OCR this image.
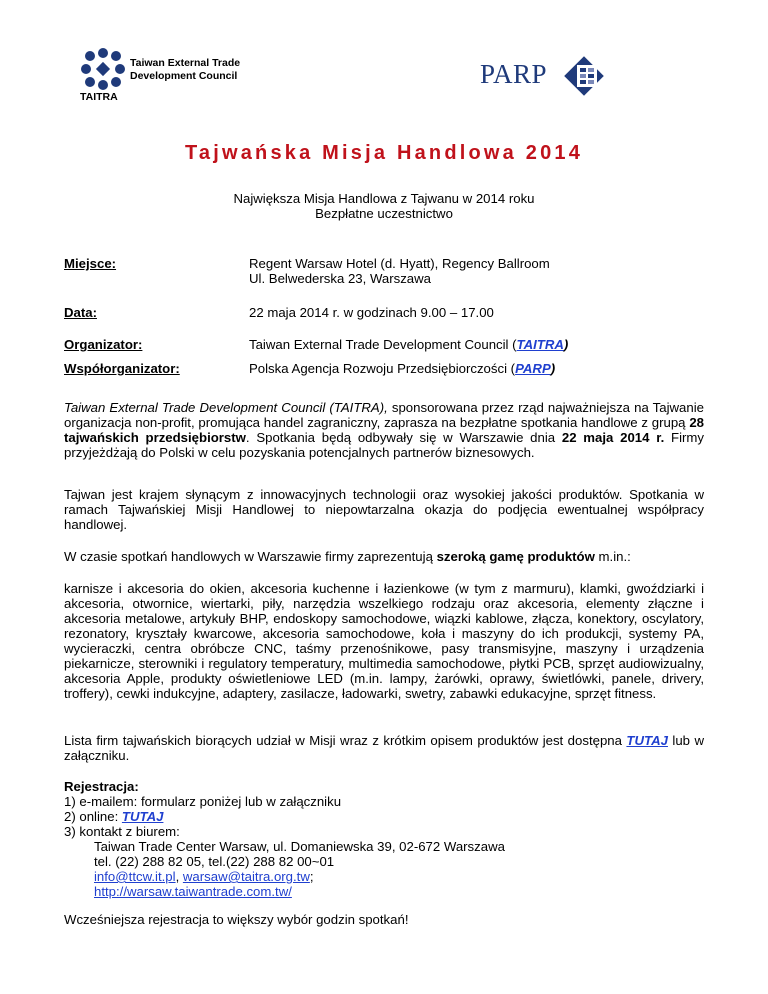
Taiwan External Trade
Development Council
TAITRA
PARP
Tajwańska Misja Handlowa 2014
Największa Misja Handlowa z Tajwanu w 2014 roku
Bezpłatne uczestnictwo
Miejsce:	Regent Warsaw Hotel (d. Hyatt), Regency Ballroom
Ul. Belwederska 23, Warszawa
Data:	22 maja 2014 r. w godzinach 9.00 – 17.00
Organizator:	Taiwan External Trade Development Council (TAITRA)
Współorganizator:	Polska Agencja Rozwoju Przedsiębiorczości (PARP)
Taiwan External Trade Development Council (TAITRA), sponsorowana przez rząd najważniejsza na Tajwanie organizacja non-profit, promująca handel zagraniczny, zaprasza na bezpłatne spotkania handlowe z grupą 28 tajwańskich przedsiębiorstw. Spotkania będą odbywały się w Warszawie dnia 22 maja 2014 r. Firmy przyjeżdżają do Polski w celu pozyskania potencjalnych partnerów biznesowych.
Tajwan jest krajem słynącym z innowacyjnych technologii oraz wysokiej jakości produktów. Spotkania w ramach Tajwańskiej Misji Handlowej to niepowtarzalna okazja do podjęcia ewentualnej współpracy handlowej.
W czasie spotkań handlowych w Warszawie firmy zaprezentują szeroką gamę produktów m.in.:
karnisze i akcesoria do okien, akcesoria kuchenne i łazienkowe (w tym z marmuru), klamki, gwoździarki i akcesoria, otwornice, wiertarki, piły, narzędzia wszelkiego rodzaju oraz akcesoria, elementy złączne i akcesoria metalowe, artykuły BHP, endoskopy samochodowe, wiązki kablowe, złącza, konektory, oscylatory, rezonatory, kryształy kwarcowe, akcesoria samochodowe, koła i maszyny do ich produkcji, systemy PA, wycieraczki, centra obróbcze CNC, taśmy przenośnikowe, pasy transmisyjne, maszyny i urządzenia piekarnicze, sterowniki i regulatory temperatury, multimedia samochodowe, płytki PCB, sprzęt audiowizualny, akcesoria Apple, produkty oświetleniowe LED (m.in. lampy, żarówki, oprawy, świetlówki, panele, drivery, troffery), cewki indukcyjne, adaptery, zasilacze, ładowarki, swetry, zabawki edukacyjne, sprzęt fitness.
Lista firm tajwańskich biorących udział w Misji wraz z krótkim opisem produktów jest dostępna TUTAJ lub w załączniku.
Rejestracja:
1) e-mailem: formularz poniżej lub w załączniku
2) online: TUTAJ
3) kontakt z biurem:
Taiwan Trade Center Warsaw, ul. Domaniewska 39, 02-672 Warszawa
tel. (22) 288 82 05, tel.(22) 288 82 00~01
info@ttcw.it.pl, warsaw@taitra.org.tw;
http://warsaw.taiwantrade.com.tw/
Wcześniejsza rejestracja to większy wybór godzin spotkań!
